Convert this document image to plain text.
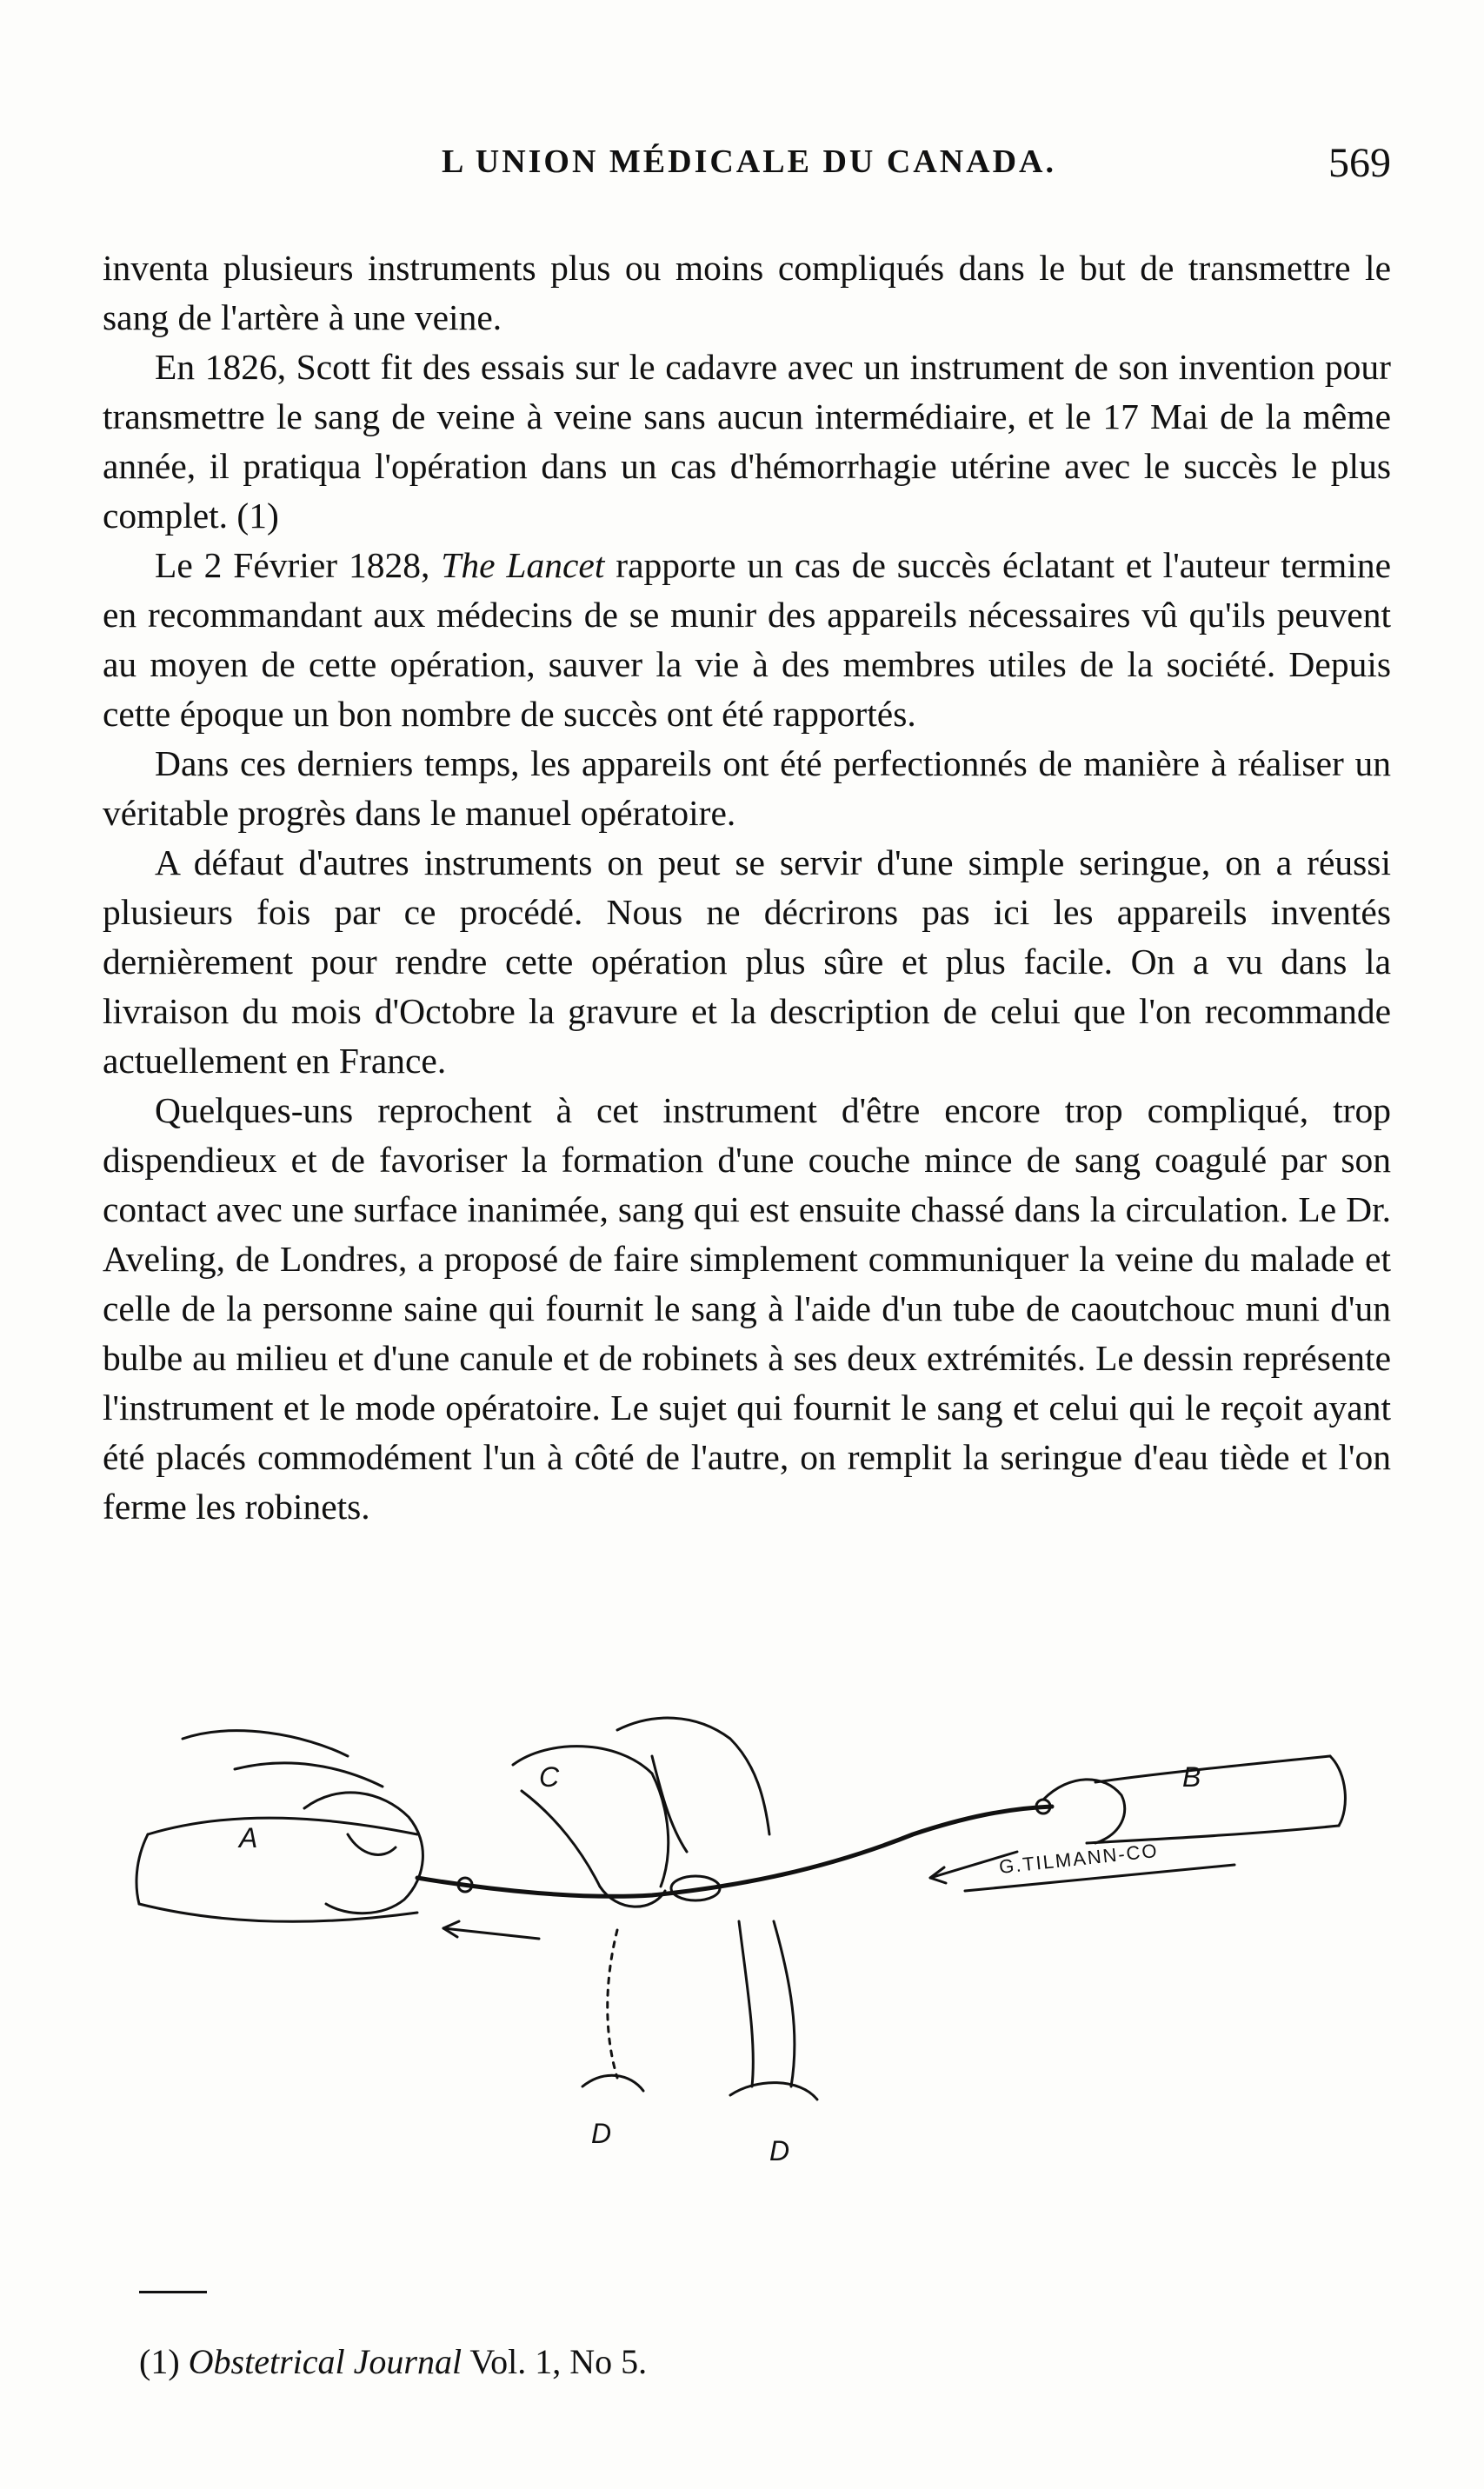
L UNION MÉDICALE DU CANADA.	569

inventa plusieurs instruments plus ou moins compliqués dans le but de transmettre le sang de l'artère à une veine.

En 1826, Scott fit des essais sur le cadavre avec un instrument de son invention pour transmettre le sang de veine à veine sans aucun intermédiaire, et le 17 Mai de la même année, il pratiqua l'opération dans un cas d'hémorrhagie utérine avec le succès le plus complet. (1)

Le 2 Février 1828, The Lancet rapporte un cas de succès éclatant et l'auteur termine en recommandant aux médecins de se munir des appareils nécessaires vû qu'ils peuvent au moyen de cette opération, sauver la vie à des membres utiles de la société. Depuis cette époque un bon nombre de succès ont été rapportés.

Dans ces derniers temps, les appareils ont été perfectionnés de manière à réaliser un véritable progrès dans le manuel opératoire.

A défaut d'autres instruments on peut se servir d'une simple seringue, on a réussi plusieurs fois par ce procédé. Nous ne décrirons pas ici les appareils inventés dernièrement pour rendre cette opération plus sûre et plus facile. On a vu dans la livraison du mois d'Octobre la gravure et la description de celui que l'on recommande actuellement en France.

Quelques-uns reprochent à cet instrument d'être encore trop compliqué, trop dispendieux et de favoriser la formation d'une couche mince de sang coagulé par son contact avec une surface inanimée, sang qui est ensuite chassé dans la circulation. Le Dr. Aveling, de Londres, a proposé de faire simplement communiquer la veine du malade et celle de la personne saine qui fournit le sang à l'aide d'un tube de caoutchouc muni d'un bulbe au milieu et d'une canule et de robinets à ses deux extrémités. Le dessin représente l'instrument et le mode opératoire. Le sujet qui fournit le sang et celui qui le reçoit ayant été placés commodément l'un à côté de l'autre, on remplit la seringue d'eau tiède et l'on ferme les robinets.

A
C	B
D
D
G.TILMANN-CO
(1) Obstetrical Journal Vol. 1, No 5.
